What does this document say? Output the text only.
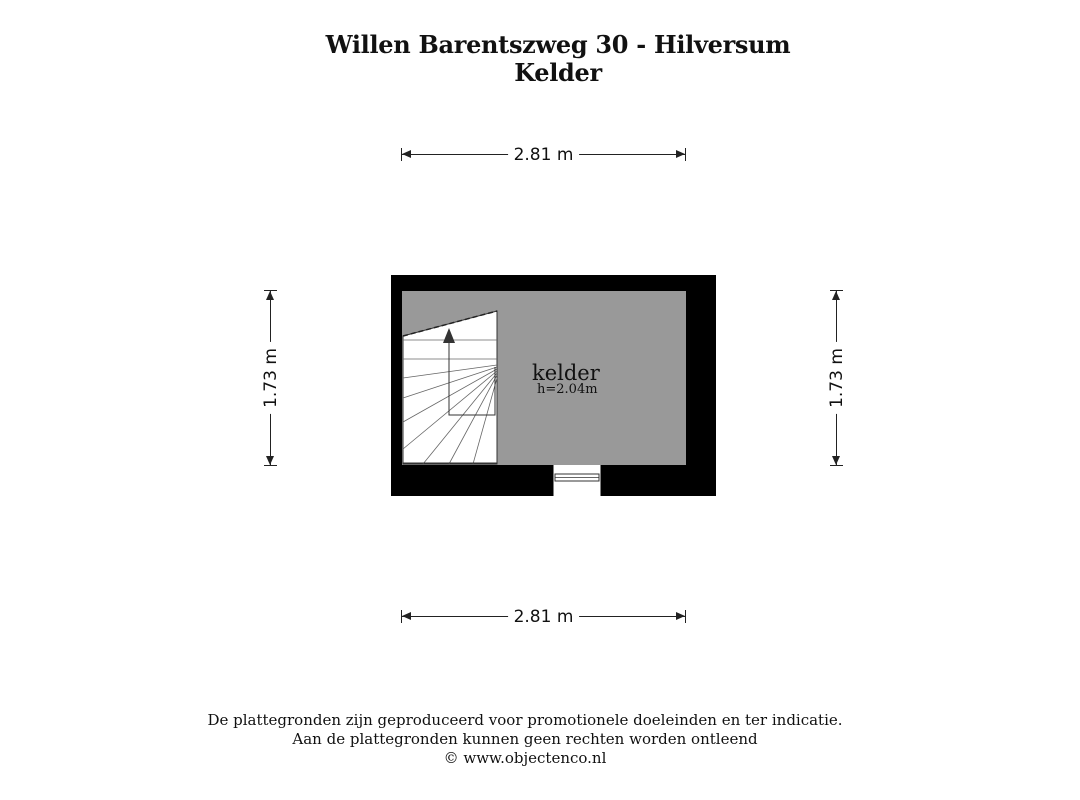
Willen Barentszweg 30 - Hilversum
Kelder
2.81 m
2.81 m
1.73 m	1.73 m
kelder
h=2.04m
De plattegronden zijn geproduceerd voor promotionele doeleinden en ter indicatie.
Aan de plattegronden kunnen geen rechten worden ontleend
© www.objectenco.nl
